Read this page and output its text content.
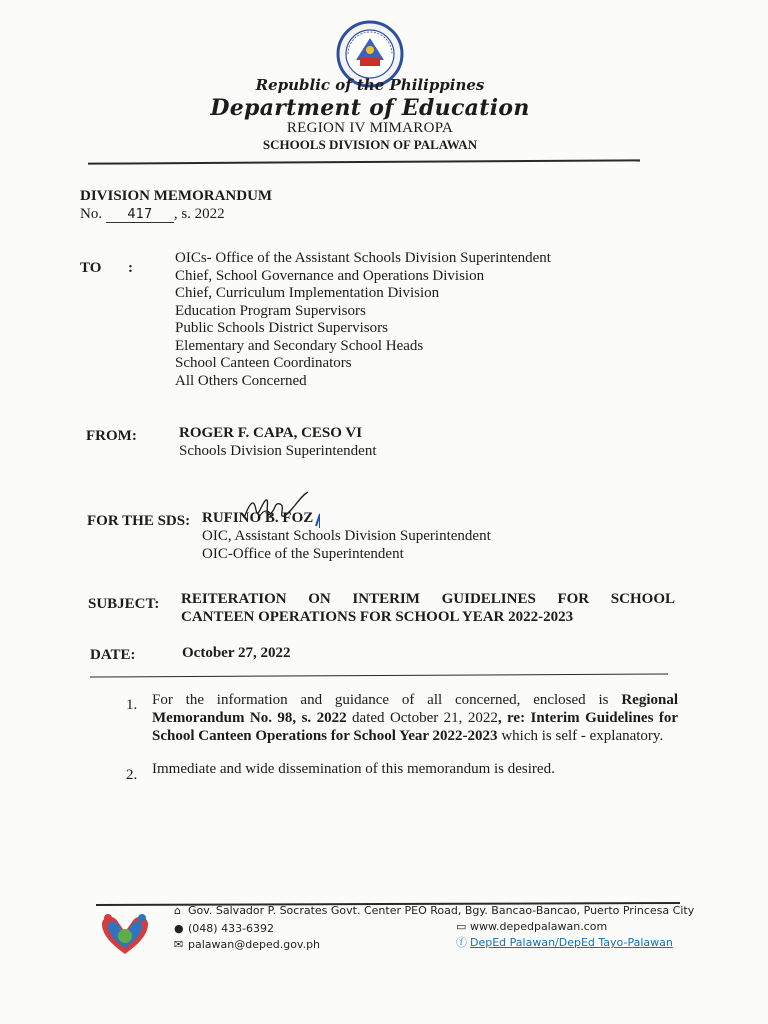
Republic of the Philippines
Department of Education
REGION IV MIMAROPA
SCHOOLS DIVISION OF PALAWAN
DIVISION MEMORANDUM
No. 417 , s. 2022
TO :
OICs- Office of the Assistant Schools Division Superintendent
Chief, School Governance and Operations Division
Chief, Curriculum Implementation Division
Education Program Supervisors
Public Schools District Supervisors
Elementary and Secondary School Heads
School Canteen Coordinators
All Others Concerned
FROM:	ROGER F. CAPA, CESO VI
Schools Division Superintendent
FOR THE SDS: RUFINO B. FOZ
OIC, Assistant Schools Division Superintendent
OIC-Office of the Superintendent
SUBJECT: REITERATION ON INTERIM GUIDELINES FOR SCHOOL
CANTEEN OPERATIONS FOR SCHOOL YEAR 2022-2023
DATE:	October 27, 2022
1. For the information and guidance of all concerned, enclosed is Regional Memorandum No. 98, s. 2022 dated October 21, 2022, re: Interim Guidelines for School Canteen Operations for School Year 2022-2023 which is self - explanatory.
2. Immediate and wide dissemination of this memorandum is desired.
⌂ Gov. Salvador P. Socrates Govt. Center PEO Road, Bgy. Bancao-Bancao, Puerto Princesa City
● (048) 433-6392
✉ palawan@deped.gov.ph
▭ www.depedpalawan.com
ⓕ DepEd Palawan/DepEd Tayo-Palawan
